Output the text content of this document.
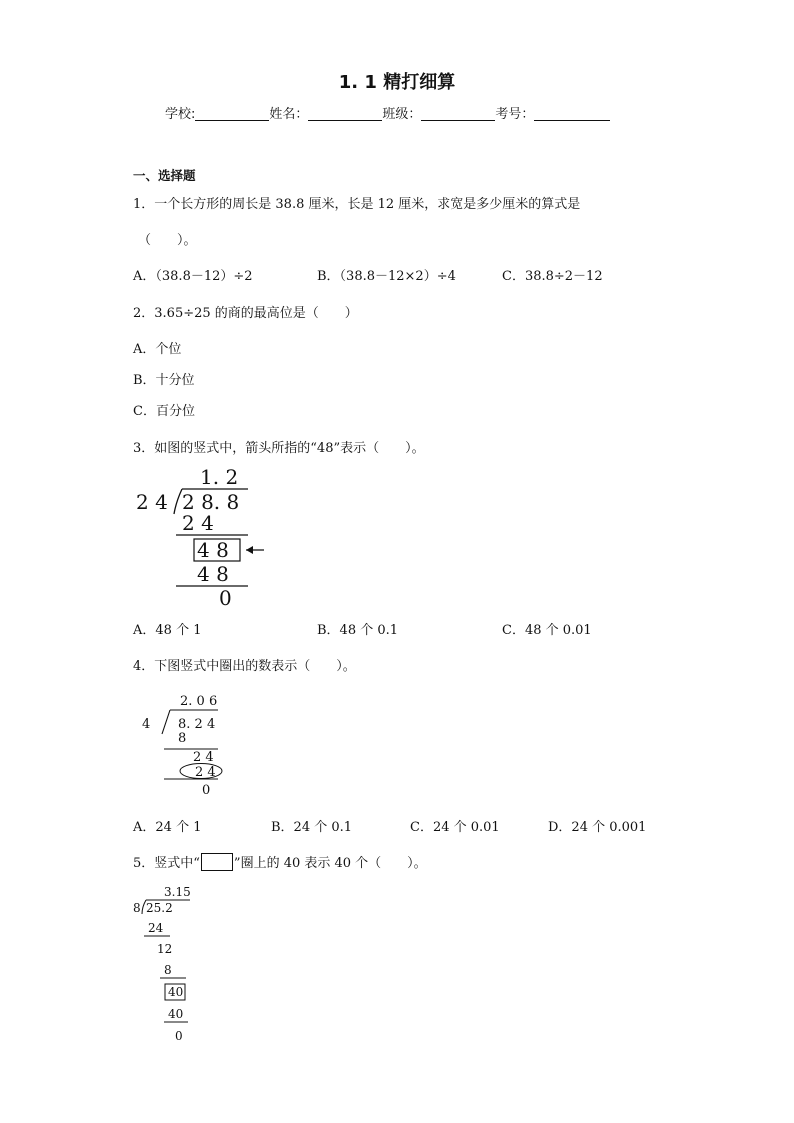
1. 1 精打细算
学校:	姓名：	班级：	考号：
一、选择题
1．一个长方形的周长是 38.8 厘米，长是 12 厘米，求宽是多少厘米的算式是
（　　）。
A．（38.8－12）÷2	B．（38.8－12×2）÷4	C．38.8÷2－12
2．3.65÷25 的商的最高位是（　　）
A．个位
B．十分位
C．百分位
3．如图的竖式中，箭头所指的“48”表示（　　）。
1. 2
2 4 2 8. 8
2 4
4 8
4 8
0
A．48 个 1	B．48 个 0.1	C．48 个 0.01
4．下图竖式中圈出的数表示（　　）。
2. 0 6
4 8. 2 4
8
2 4
2 4
0
A．24 个 1	B．24 个 0.1	C．24 个 0.01	D．24 个 0.001
5．竖式中“	”圈上的 40 表示 40 个（　　）。
3.15
8 25.2
24
12
8
40
40
0
